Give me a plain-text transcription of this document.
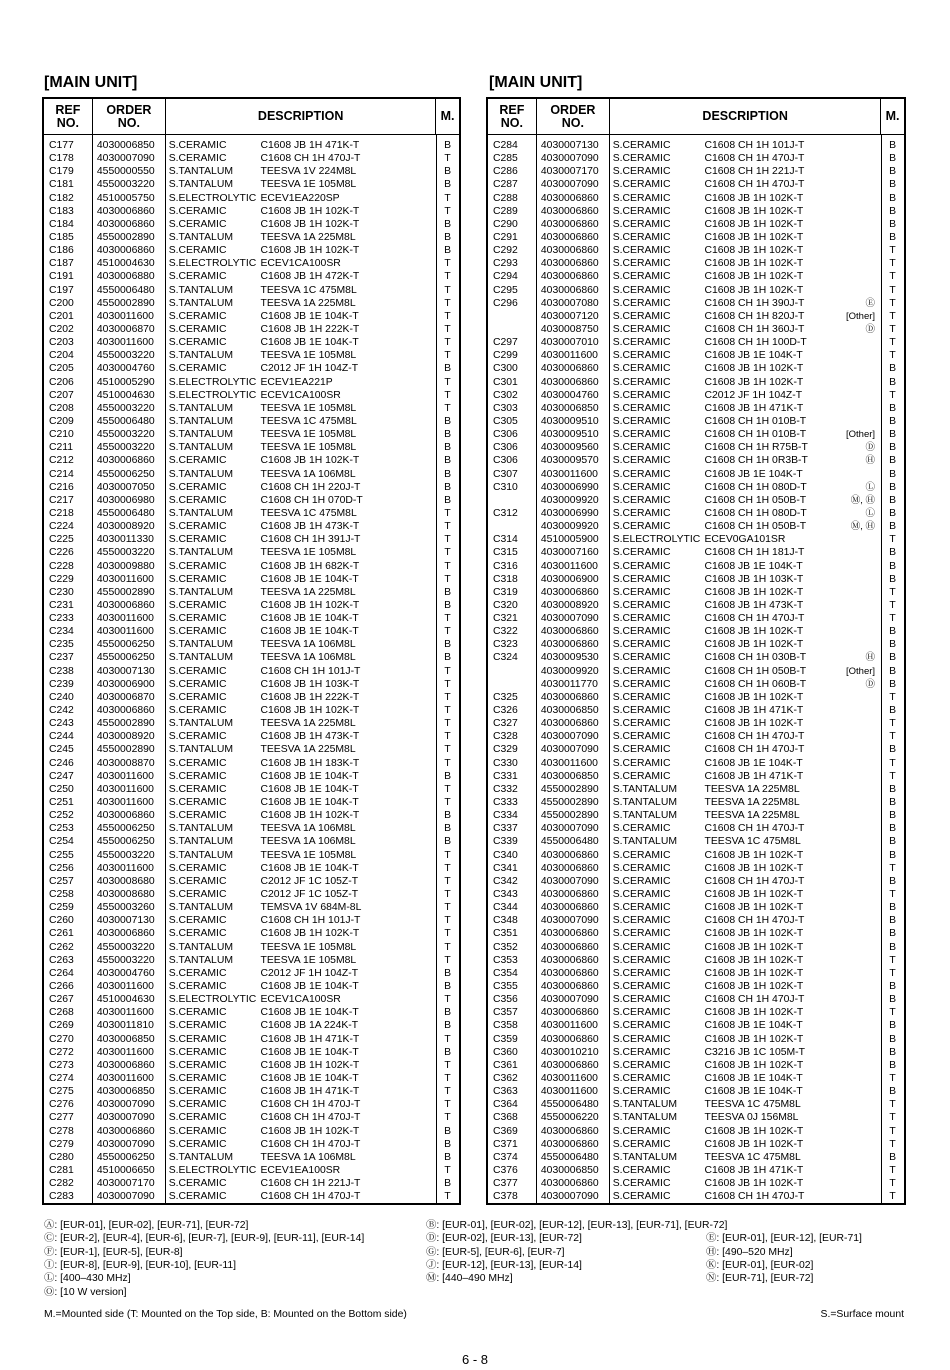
[MAIN UNIT]
REF
NO.
ORDER
NO.	DESCRIPTION	M.
C177	4030006850	S.CERAMIC	C1608 JB 1H 471K-T	B
C178	4030007090	S.CERAMIC	C1608 CH 1H 470J-T	T
C179	4550000550	S.TANTALUM	TEESVA 1V 224M8L	B
C181	4550003220	S.TANTALUM	TEESVA 1E 105M8L	B
C182	4510005750	S.ELECTROLYTIC ECEV1EA220SP	T
C183	4030006860	S.CERAMIC	C1608 JB 1H 102K-T	T
C184	4030006860	S.CERAMIC	C1608 JB 1H 102K-T	B
C185	4550002890	S.TANTALUM	TEESVA 1A 225M8L	B
C186	4030006860	S.CERAMIC	C1608 JB 1H 102K-T	B
C187	4510004630	S.ELECTROLYTIC ECEV1CA100SR	T
C191	4030006880	S.CERAMIC	C1608 JB 1H 472K-T	T
C197	4550006480	S.TANTALUM	TEESVA 1C 475M8L	T
C200	4550002890	S.TANTALUM	TEESVA 1A 225M8L	T
C201	4030011600	S.CERAMIC	C1608 JB 1E 104K-T	T
C202	4030006870	S.CERAMIC	C1608 JB 1H 222K-T	T
C203	4030011600	S.CERAMIC	C1608 JB 1E 104K-T	T
C204	4550003220	S.TANTALUM	TEESVA 1E 105M8L	T
C205	4030004760	S.CERAMIC	C2012 JF 1H 104Z-T	B
C206	4510005290	S.ELECTROLYTIC ECEV1EA221P	T
C207	4510004630	S.ELECTROLYTIC ECEV1CA100SR	T
C208	4550003220	S.TANTALUM	TEESVA 1E 105M8L	T
C209	4550006480	S.TANTALUM	TEESVA 1C 475M8L	B
C210	4550003220	S.TANTALUM	TEESVA 1E 105M8L	B
C211	4550003220	S.TANTALUM	TEESVA 1E 105M8L	B
C212	4030006860	S.CERAMIC	C1608 JB 1H 102K-T	B
C214	4550006250	S.TANTALUM	TEESVA 1A 106M8L	B
C216	4030007050	S.CERAMIC	C1608 CH 1H 220J-T	B
C217	4030006980	S.CERAMIC	C1608 CH 1H 070D-T	B
C218	4550006480	S.TANTALUM	TEESVA 1C 475M8L	T
C224	4030008920	S.CERAMIC	C1608 JB 1H 473K-T	T
C225	4030011330	S.CERAMIC	C1608 CH 1H 391J-T	T
C226	4550003220	S.TANTALUM	TEESVA 1E 105M8L	T
C228	4030009880	S.CERAMIC	C1608 JB 1H 682K-T	T
C229	4030011600	S.CERAMIC	C1608 JB 1E 104K-T	T
C230	4550002890	S.TANTALUM	TEESVA 1A 225M8L	B
C231	4030006860	S.CERAMIC	C1608 JB 1H 102K-T	B
C233	4030011600	S.CERAMIC	C1608 JB 1E 104K-T	T
C234	4030011600	S.CERAMIC	C1608 JB 1E 104K-T	T
C235	4550006250	S.TANTALUM	TEESVA 1A 106M8L	B
C237	4550006250	S.TANTALUM	TEESVA 1A 106M8L	B
C238	4030007130	S.CERAMIC	C1608 CH 1H 101J-T	T
C239	4030006900	S.CERAMIC	C1608 JB 1H 103K-T	T
C240	4030006870	S.CERAMIC	C1608 JB 1H 222K-T	T
C242	4030006860	S.CERAMIC	C1608 JB 1H 102K-T	T
C243	4550002890	S.TANTALUM	TEESVA 1A 225M8L	T
C244	4030008920	S.CERAMIC	C1608 JB 1H 473K-T	T
C245	4550002890	S.TANTALUM	TEESVA 1A 225M8L	T
C246	4030008870	S.CERAMIC	C1608 JB 1H 183K-T	T
C247	4030011600	S.CERAMIC	C1608 JB 1E 104K-T	B
C250	4030011600	S.CERAMIC	C1608 JB 1E 104K-T	T
C251	4030011600	S.CERAMIC	C1608 JB 1E 104K-T	T
C252	4030006860	S.CERAMIC	C1608 JB 1H 102K-T	B
C253	4550006250	S.TANTALUM	TEESVA 1A 106M8L	B
C254	4550006250	S.TANTALUM	TEESVA 1A 106M8L	B
C255	4550003220	S.TANTALUM	TEESVA 1E 105M8L	T
C256	4030011600	S.CERAMIC	C1608 JB 1E 104K-T	T
C257	4030008680	S.CERAMIC	C2012 JF 1C 105Z-T	T
C258	4030008680	S.CERAMIC	C2012 JF 1C 105Z-T	T
C259	4550003260	S.TANTALUM	TEMSVA 1V 684M-8L	T
C260	4030007130	S.CERAMIC	C1608 CH 1H 101J-T	T
C261	4030006860	S.CERAMIC	C1608 JB 1H 102K-T	T
C262	4550003220	S.TANTALUM	TEESVA 1E 105M8L	T
C263	4550003220	S.TANTALUM	TEESVA 1E 105M8L	T
C264	4030004760	S.CERAMIC	C2012 JF 1H 104Z-T	B
C266	4030011600	S.CERAMIC	C1608 JB 1E 104K-T	B
C267	4510004630	S.ELECTROLYTIC ECEV1CA100SR	T
C268	4030011600	S.CERAMIC	C1608 JB 1E 104K-T	B
C269	4030011810	S.CERAMIC	C1608 JB 1A 224K-T	B
C270	4030006850	S.CERAMIC	C1608 JB 1H 471K-T	T
C272	4030011600	S.CERAMIC	C1608 JB 1E 104K-T	B
C273	4030006860	S.CERAMIC	C1608 JB 1H 102K-T	T
C274	4030011600	S.CERAMIC	C1608 JB 1E 104K-T	T
C275	4030006850	S.CERAMIC	C1608 JB 1H 471K-T	T
C276	4030007090	S.CERAMIC	C1608 CH 1H 470J-T	T
C277	4030007090	S.CERAMIC	C1608 CH 1H 470J-T	T
C278	4030006860	S.CERAMIC	C1608 JB 1H 102K-T	B
C279	4030007090	S.CERAMIC	C1608 CH 1H 470J-T	B
C280	4550006250	S.TANTALUM	TEESVA 1A 106M8L	B
C281	4510006650	S.ELECTROLYTIC ECEV1EA100SR	T
C282	4030007170	S.CERAMIC	C1608 CH 1H 221J-T	B
C283	4030007090	S.CERAMIC	C1608 CH 1H 470J-T	T
[MAIN UNIT]
REF
NO.
ORDER
NO.	DESCRIPTION	M.
C284	4030007130	S.CERAMIC	C1608 CH 1H 101J-T	B
C285	4030007090	S.CERAMIC	C1608 CH 1H 470J-T	B
C286	4030007170	S.CERAMIC	C1608 CH 1H 221J-T	B
C287	4030007090	S.CERAMIC	C1608 CH 1H 470J-T	B
C288	4030006860	S.CERAMIC	C1608 JB 1H 102K-T	B
C289	4030006860	S.CERAMIC	C1608 JB 1H 102K-T	B
C290	4030006860	S.CERAMIC	C1608 JB 1H 102K-T	B
C291	4030006860	S.CERAMIC	C1608 JB 1H 102K-T	B
C292	4030006860	S.CERAMIC	C1608 JB 1H 102K-T	T
C293	4030006860	S.CERAMIC	C1608 JB 1H 102K-T	T
C294	4030006860	S.CERAMIC	C1608 JB 1H 102K-T	T
C295	4030006860	S.CERAMIC	C1608 JB 1H 102K-T	T
C296	4030007080	S.CERAMIC	C1608 CH 1H 390J-T	Ⓔ	T
4030007120	S.CERAMIC	C1608 CH 1H 820J-T	[Other]	T
4030008750	S.CERAMIC	C1608 CH 1H 360J-T	Ⓓ	T
C297	4030007010	S.CERAMIC	C1608 CH 1H 100D-T	T
C299	4030011600	S.CERAMIC	C1608 JB 1E 104K-T	T
C300	4030006860	S.CERAMIC	C1608 JB 1H 102K-T	B
C301	4030006860	S.CERAMIC	C1608 JB 1H 102K-T	B
C302	4030004760	S.CERAMIC	C2012 JF 1H 104Z-T	T
C303	4030006850	S.CERAMIC	C1608 JB 1H 471K-T	B
C305	4030009510	S.CERAMIC	C1608 CH 1H 010B-T	B
C306	4030009510	S.CERAMIC	C1608 CH 1H 010B-T	[Other]	B
C306	4030009560	S.CERAMIC	C1608 CH 1H R75B-T	Ⓓ	B
C306	4030009570	S.CERAMIC	C1608 CH 1H 0R3B-T	Ⓗ	B
C307	4030011600	S.CERAMIC	C1608 JB 1E 104K-T	B
C310	4030006990	S.CERAMIC	C1608 CH 1H 080D-T	Ⓛ	B
4030009920	S.CERAMIC	C1608 CH 1H 050B-T	Ⓜ, Ⓗ	B
C312	4030006990	S.CERAMIC	C1608 CH 1H 080D-T	Ⓛ	B
4030009920	S.CERAMIC	C1608 CH 1H 050B-T	Ⓜ, Ⓗ	B
C314	4510005900	S.ELECTROLYTIC ECEV0GA101SR	T
C315	4030007160	S.CERAMIC	C1608 CH 1H 181J-T	B
C316	4030011600	S.CERAMIC	C1608 JB 1E 104K-T	B
C318	4030006900	S.CERAMIC	C1608 JB 1H 103K-T	B
C319	4030006860	S.CERAMIC	C1608 JB 1H 102K-T	T
C320	4030008920	S.CERAMIC	C1608 JB 1H 473K-T	T
C321	4030007090	S.CERAMIC	C1608 CH 1H 470J-T	T
C322	4030006860	S.CERAMIC	C1608 JB 1H 102K-T	B
C323	4030006860	S.CERAMIC	C1608 JB 1H 102K-T	B
C324	4030009530	S.CERAMIC	C1608 CH 1H 030B-T	Ⓗ	B
4030009920	S.CERAMIC	C1608 CH 1H 050B-T	[Other]	B
4030011770	S.CERAMIC	C1608 CH 1H 060B-T	Ⓓ	B
C325	4030006860	S.CERAMIC	C1608 JB 1H 102K-T	T
C326	4030006850	S.CERAMIC	C1608 JB 1H 471K-T	B
C327	4030006860	S.CERAMIC	C1608 JB 1H 102K-T	T
C328	4030007090	S.CERAMIC	C1608 CH 1H 470J-T	T
C329	4030007090	S.CERAMIC	C1608 CH 1H 470J-T	B
C330	4030011600	S.CERAMIC	C1608 JB 1E 104K-T	T
C331	4030006850	S.CERAMIC	C1608 JB 1H 471K-T	T
C332	4550002890	S.TANTALUM	TEESVA 1A 225M8L	B
C333	4550002890	S.TANTALUM	TEESVA 1A 225M8L	B
C334	4550002890	S.TANTALUM	TEESVA 1A 225M8L	B
C337	4030007090	S.CERAMIC	C1608 CH 1H 470J-T	B
C339	4550006480	S.TANTALUM	TEESVA 1C 475M8L	B
C340	4030006860	S.CERAMIC	C1608 JB 1H 102K-T	B
C341	4030006860	S.CERAMIC	C1608 JB 1H 102K-T	T
C342	4030007090	S.CERAMIC	C1608 CH 1H 470J-T	B
C343	4030006860	S.CERAMIC	C1608 JB 1H 102K-T	T
C344	4030006860	S.CERAMIC	C1608 JB 1H 102K-T	B
C348	4030007090	S.CERAMIC	C1608 CH 1H 470J-T	B
C351	4030006860	S.CERAMIC	C1608 JB 1H 102K-T	B
C352	4030006860	S.CERAMIC	C1608 JB 1H 102K-T	B
C353	4030006860	S.CERAMIC	C1608 JB 1H 102K-T	T
C354	4030006860	S.CERAMIC	C1608 JB 1H 102K-T	T
C355	4030006860	S.CERAMIC	C1608 JB 1H 102K-T	B
C356	4030007090	S.CERAMIC	C1608 CH 1H 470J-T	B
C357	4030006860	S.CERAMIC	C1608 JB 1H 102K-T	T
C358	4030011600	S.CERAMIC	C1608 JB 1E 104K-T	B
C359	4030006860	S.CERAMIC	C1608 JB 1H 102K-T	B
C360	4030010210	S.CERAMIC	C3216 JB 1C 105M-T	B
C361	4030006860	S.CERAMIC	C1608 JB 1H 102K-T	B
C362	4030011600	S.CERAMIC	C1608 JB 1E 104K-T	T
C363	4030011600	S.CERAMIC	C1608 JB 1E 104K-T	B
C364	4550006480	S.TANTALUM	TEESVA 1C 475M8L	T
C368	4550006220	S.TANTALUM	TEESVA 0J 156M8L	T
C369	4030006860	S.CERAMIC	C1608 JB 1H 102K-T	T
C371	4030006860	S.CERAMIC	C1608 JB 1H 102K-T	T
C374	4550006480	S.TANTALUM	TEESVA 1C 475M8L	B
C376	4030006850	S.CERAMIC	C1608 JB 1H 471K-T	T
C377	4030006860	S.CERAMIC	C1608 JB 1H 102K-T	T
C378	4030007090	S.CERAMIC	C1608 CH 1H 470J-T	T
Ⓐ: [EUR-01], [EUR-02], [EUR-71], [EUR-72]	Ⓑ: [EUR-01], [EUR-02], [EUR-12], [EUR-13], [EUR-71], [EUR-72]
Ⓒ: [EUR-2], [EUR-4], [EUR-6], [EUR-7], [EUR-9], [EUR-11], [EUR-14]	Ⓓ: [EUR-02], [EUR-13], [EUR-72]	Ⓔ: [EUR-01], [EUR-12], [EUR-71]
Ⓕ: [EUR-1], [EUR-5], [EUR-8]	Ⓖ: [EUR-5], [EUR-6], [EUR-7]	Ⓗ: [490–520 MHz]
Ⓘ: [EUR-8], [EUR-9], [EUR-10], [EUR-11]	Ⓙ: [EUR-12], [EUR-13], [EUR-14]	Ⓚ: [EUR-01], [EUR-02]
Ⓛ: [400–430 MHz]	Ⓜ: [440–490 MHz]	Ⓝ: [EUR-71], [EUR-72]
Ⓞ: [10 W version]
M.=Mounted side (T: Mounted on the Top side, B: Mounted on the Bottom side)	S.=Surface mount
6 - 8
